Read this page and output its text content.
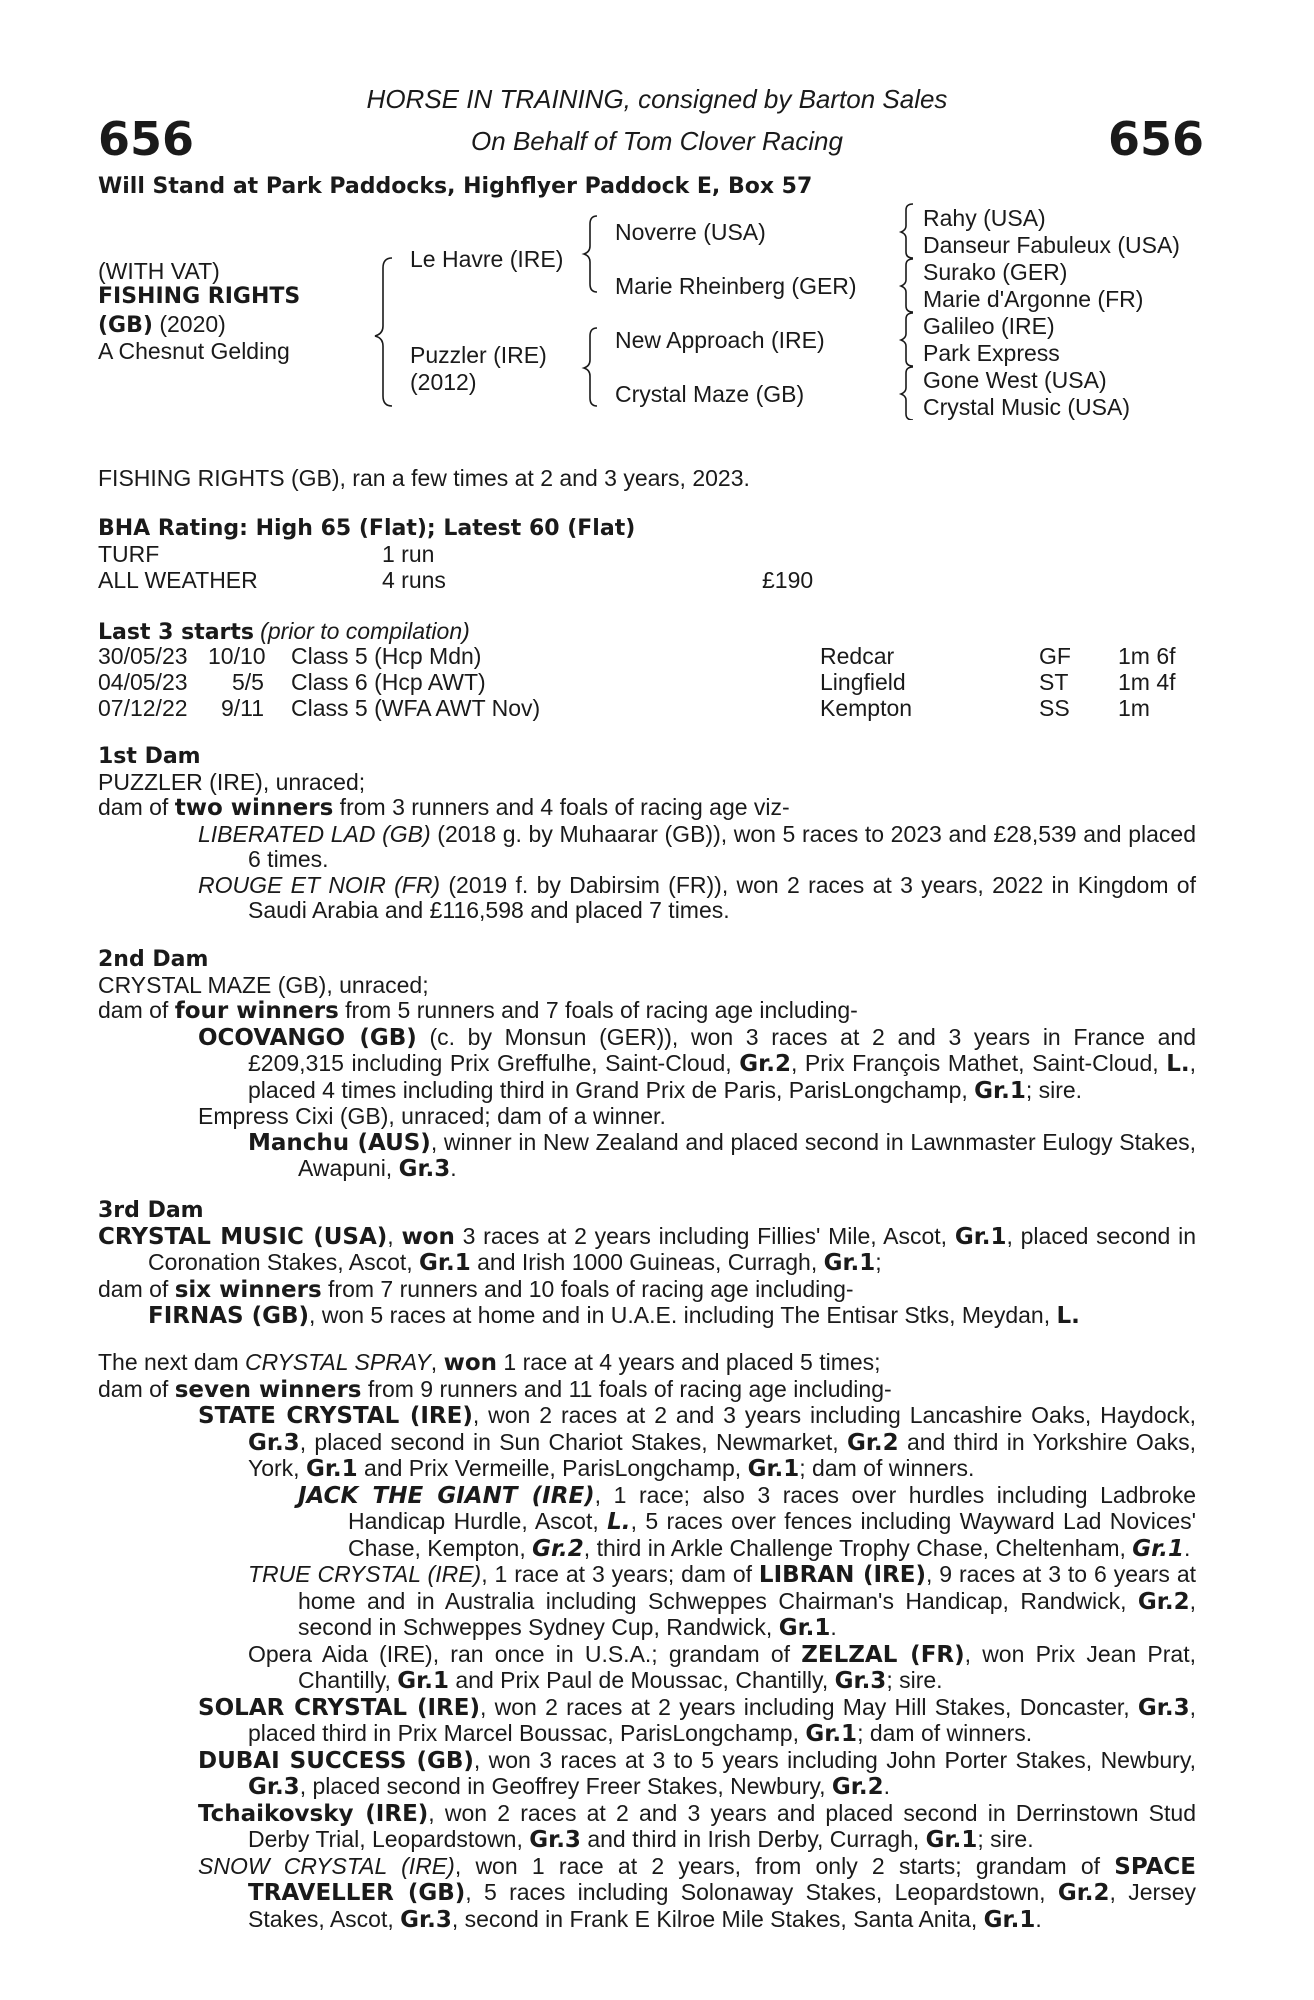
656	656
HORSE IN TRAINING, consigned by Barton Sales
On Behalf of Tom Clover Racing
Will Stand at Park Paddocks, Highflyer Paddock E, Box 57
(WITH VAT)
FISHING RIGHTS
(GB) (2020)
A Chesnut Gelding
Le Havre (IRE)
Puzzler (IRE)
(2012)
Noverre (USA)
Marie Rheinberg (GER)
New Approach (IRE)
Crystal Maze (GB)
Rahy (USA)
Danseur Fabuleux (USA)
Surako (GER)
Marie d'Argonne (FR)
Galileo (IRE)
Park Express
Gone West (USA)
Crystal Music (USA)
FISHING RIGHTS (GB), ran a few times at 2 and 3 years, 2023.
BHA Rating: High 65 (Flat); Latest 60 (Flat)
TURF	1 run
ALL WEATHER	4 runs	£190
Last 3 starts (prior to compilation)
30/05/23 10/10 Class 5 (Hcp Mdn)	Redcar	GF 1m 6f
04/05/23 5/5 Class 6 (Hcp AWT)	Lingfield	ST 1m 4f
07/12/22 9/11 Class 5 (WFA AWT Nov)	Kempton	SS 1m

1st Dam

PUZZLER (IRE), unraced;

dam of two winners from 3 runners and 4 foals of racing age viz-

LIBERATED LAD (GB) (2018 g. by Muhaarar (GB)), won 5 races to 2023 and £28,539 and placed 6 times.

ROUGE ET NOIR (FR) (2019 f. by Dabirsim (FR)), won 2 races at 3 years, 2022 in Kingdom of Saudi Arabia and £116,598 and placed 7 times.

2nd Dam

CRYSTAL MAZE (GB), unraced;

dam of four winners from 5 runners and 7 foals of racing age including-

OCOVANGO (GB) (c. by Monsun (GER)), won 3 races at 2 and 3 years in France and £209,315 including Prix Greffulhe, Saint-Cloud, Gr.2, Prix François Mathet, Saint-Cloud, L., placed 4 times including third in Grand Prix de Paris, ParisLongchamp, Gr.1; sire.

Empress Cixi (GB), unraced; dam of a winner.

Manchu (AUS), winner in New Zealand and placed second in Lawnmaster Eulogy Stakes, Awapuni, Gr.3.

3rd Dam

CRYSTAL MUSIC (USA), won 3 races at 2 years including Fillies' Mile, Ascot, Gr.1, placed second in Coronation Stakes, Ascot, Gr.1 and Irish 1000 Guineas, Curragh, Gr.1;

dam of six winners from 7 runners and 10 foals of racing age including-

FIRNAS (GB), won 5 races at home and in U.A.E. including The Entisar Stks, Meydan, L.

The next dam CRYSTAL SPRAY, won 1 race at 4 years and placed 5 times;

dam of seven winners from 9 runners and 11 foals of racing age including-

STATE CRYSTAL (IRE), won 2 races at 2 and 3 years including Lancashire Oaks, Haydock, Gr.3, placed second in Sun Chariot Stakes, Newmarket, Gr.2 and third in Yorkshire Oaks, York, Gr.1 and Prix Vermeille, ParisLongchamp, Gr.1; dam of winners.

JACK THE GIANT (IRE), 1 race; also 3 races over hurdles including Ladbroke Handicap Hurdle, Ascot, L., 5 races over fences including Wayward Lad Novices' Chase, Kempton, Gr.2, third in Arkle Challenge Trophy Chase, Cheltenham, Gr.1.

TRUE CRYSTAL (IRE), 1 race at 3 years; dam of LIBRAN (IRE), 9 races at 3 to 6 years at home and in Australia including Schweppes Chairman's Handicap, Randwick, Gr.2, second in Schweppes Sydney Cup, Randwick, Gr.1.

Opera Aida (IRE), ran once in U.S.A.; grandam of ZELZAL (FR), won Prix Jean Prat, Chantilly, Gr.1 and Prix Paul de Moussac, Chantilly, Gr.3; sire.

SOLAR CRYSTAL (IRE), won 2 races at 2 years including May Hill Stakes, Doncaster, Gr.3, placed third in Prix Marcel Boussac, ParisLongchamp, Gr.1; dam of winners.

DUBAI SUCCESS (GB), won 3 races at 3 to 5 years including John Porter Stakes, Newbury, Gr.3, placed second in Geoffrey Freer Stakes, Newbury, Gr.2.

Tchaikovsky (IRE), won 2 races at 2 and 3 years and placed second in Derrinstown Stud Derby Trial, Leopardstown, Gr.3 and third in Irish Derby, Curragh, Gr.1; sire.

SNOW CRYSTAL (IRE), won 1 race at 2 years, from only 2 starts; grandam of SPACE TRAVELLER (GB), 5 races including Solonaway Stakes, Leopardstown, Gr.2, Jersey Stakes, Ascot, Gr.3, second in Frank E Kilroe Mile Stakes, Santa Anita, Gr.1.
